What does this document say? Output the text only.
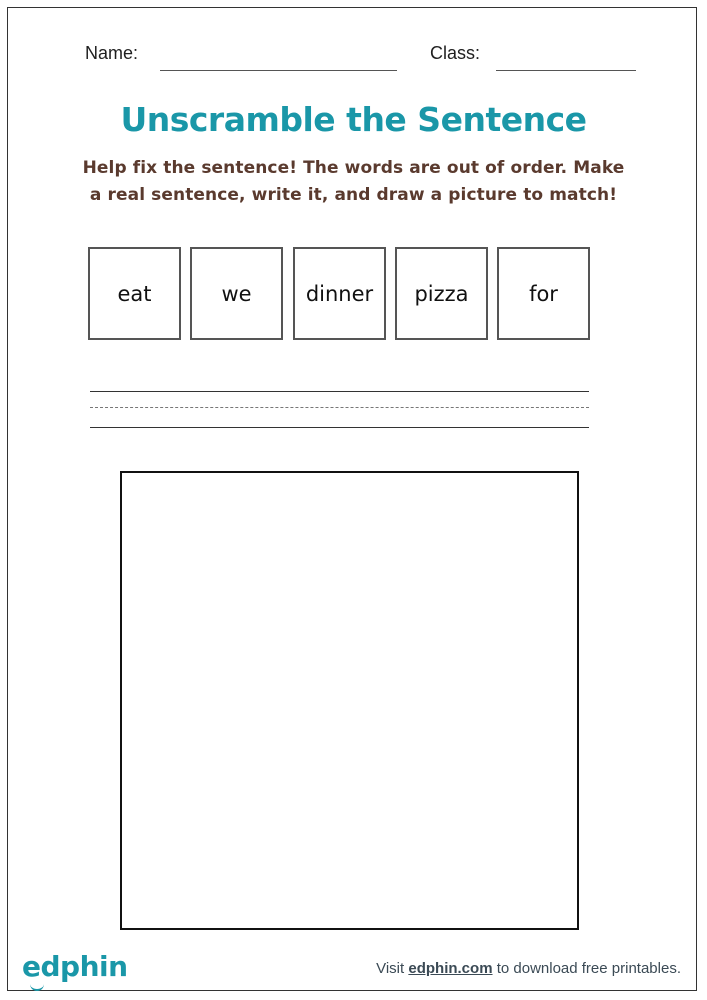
Name:	Class:
Unscramble the Sentence
Help fix the sentence! The words are out of order. Make
a real sentence, write it, and draw a picture to match!
eat	we	dinner	pizza	for
edphin	Visit edphin.com to download free printables.
